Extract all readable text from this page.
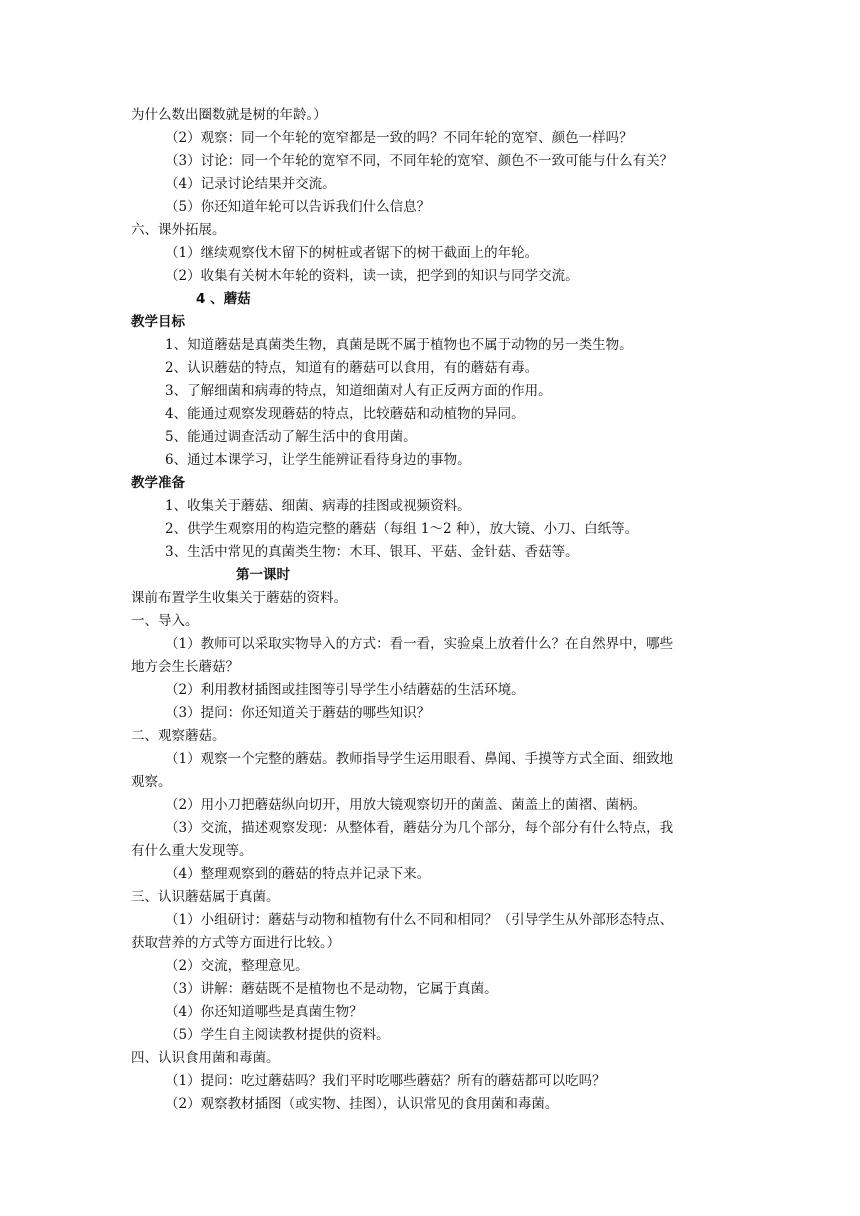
为什么数出圈数就是树的年龄。）
（2）观察：同一个年轮的宽窄都是一致的吗？不同年轮的宽窄、颜色一样吗？
（3）讨论：同一个年轮的宽窄不同，不同年轮的宽窄、颜色不一致可能与什么有关？
（4）记录讨论结果并交流。
（5）你还知道年轮可以告诉我们什么信息？
六、课外拓展。
（1）继续观察伐木留下的树桩或者锯下的树干截面上的年轮。
（2）收集有关树木年轮的资料，读一读，把学到的知识与同学交流。
4 、蘑菇
教学目标
1、知道蘑菇是真菌类生物，真菌是既不属于植物也不属于动物的另一类生物。
2、认识蘑菇的特点，知道有的蘑菇可以食用，有的蘑菇有毒。
3、了解细菌和病毒的特点，知道细菌对人有正反两方面的作用。
4、能通过观察发现蘑菇的特点，比较蘑菇和动植物的异同。
5、能通过调查活动了解生活中的食用菌。
6、通过本课学习，让学生能辨证看待身边的事物。
教学准备
1、收集关于蘑菇、细菌、病毒的挂图或视频资料。
2、供学生观察用的构造完整的蘑菇（每组 1～2 种），放大镜、小刀、白纸等。
3、生活中常见的真菌类生物：木耳、银耳、平菇、金针菇、香菇等。
第一课时
课前布置学生收集关于蘑菇的资料。
一、导入。
（1）教师可以采取实物导入的方式：看一看，实验桌上放着什么？在自然界中，哪些
地方会生长蘑菇？
（2）利用教材插图或挂图等引导学生小结蘑菇的生活环境。
（3）提问：你还知道关于蘑菇的哪些知识？
二、观察蘑菇。
（1）观察一个完整的蘑菇。教师指导学生运用眼看、鼻闻、手摸等方式全面、细致地
观察。
（2）用小刀把蘑菇纵向切开，用放大镜观察切开的菌盖、菌盖上的菌褶、菌柄。
（3）交流，描述观察发现：从整体看，蘑菇分为几个部分，每个部分有什么特点，我
有什么重大发现等。
（4）整理观察到的蘑菇的特点并记录下来。
三、认识蘑菇属于真菌。
（1）小组研讨：蘑菇与动物和植物有什么不同和相同？（引导学生从外部形态特点、
获取营养的方式等方面进行比较。）
（2）交流，整理意见。
（3）讲解：蘑菇既不是植物也不是动物，它属于真菌。
（4）你还知道哪些是真菌生物？
（5）学生自主阅读教材提供的资料。
四、认识食用菌和毒菌。
（1）提问：吃过蘑菇吗？我们平时吃哪些蘑菇？所有的蘑菇都可以吃吗？
（2）观察教材插图（或实物、挂图），认识常见的食用菌和毒菌。
